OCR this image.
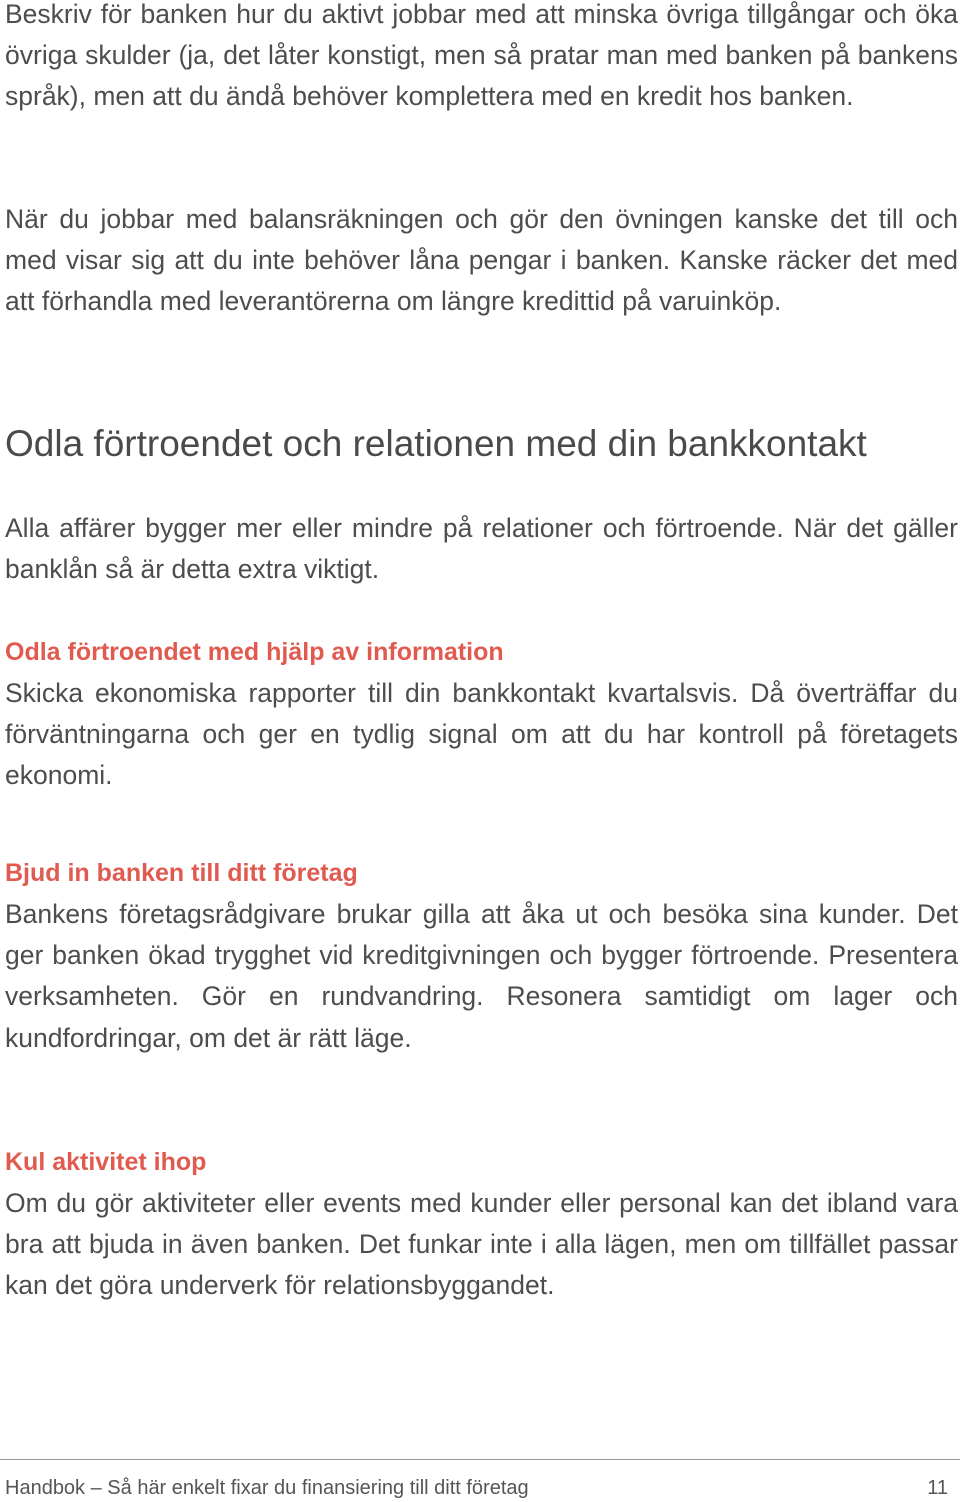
Beskriv för banken hur du aktivt jobbar med att minska övriga tillgångar och öka övriga skulder (ja, det låter konstigt, men så pratar man med banken på bankens språk), men att du ändå behöver komplettera med en kredit hos banken.

När du jobbar med balansräkningen och gör den övningen kanske det till och med visar sig att du inte behöver låna pengar i banken. Kanske räcker det med att förhandla med leverantörerna om längre kredittid på varuinköp.

Odla förtroendet och relationen med din bankkontakt

Alla affärer bygger mer eller mindre på relationer och förtroende. När det gäller banklån så är detta extra viktigt.

Odla förtroendet med hjälp av information

Skicka ekonomiska rapporter till din bankkontakt kvartalsvis. Då överträffar du förväntningarna och ger en tydlig signal om att du har kontroll på företagets ekonomi.

Bjud in banken till ditt företag

Bankens företagsrådgivare brukar gilla att åka ut och besöka sina kunder. Det ger banken ökad trygghet vid kreditgivningen och bygger förtroende. Presentera verksamheten. Gör en rundvandring. Resonera samtidigt om lager och kundfordringar, om det är rätt läge.

Kul aktivitet ihop

Om du gör aktiviteter eller events med kunder eller personal kan det ibland vara bra att bjuda in även banken. Det funkar inte i alla lägen, men om tillfället passar kan det göra underverk för relationsbyggandet.

Handbok – Så här enkelt fixar du finansiering till ditt företag	11
